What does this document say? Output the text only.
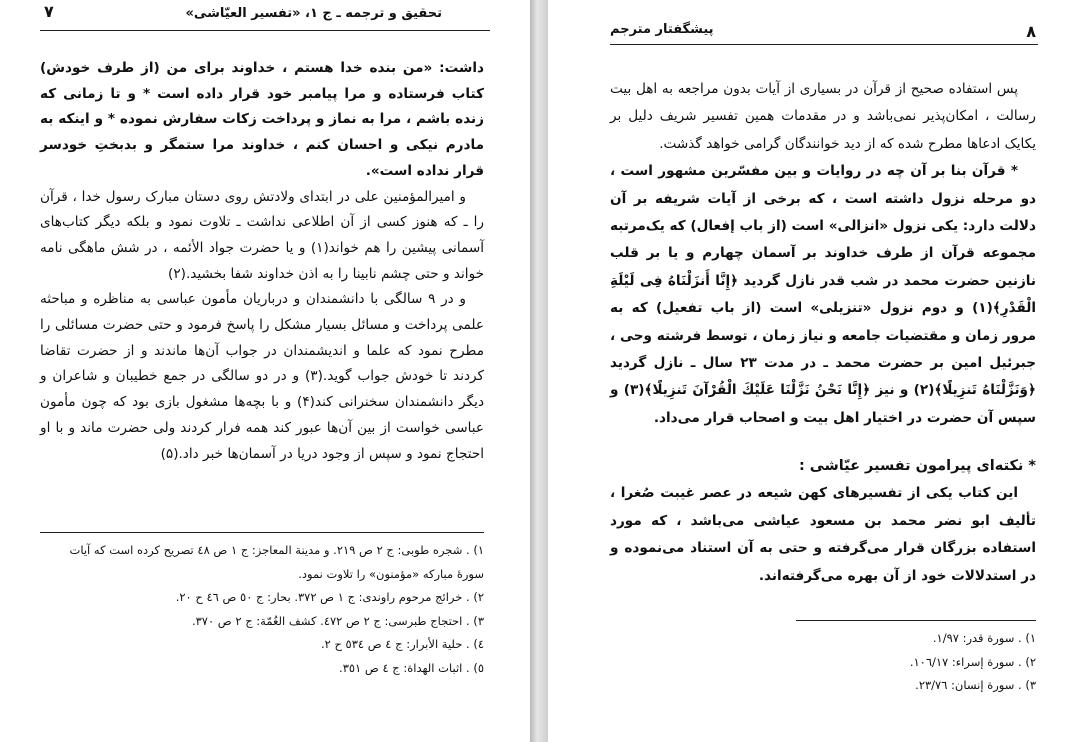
تحقیق و ترجمه ـ ج ۱، «تفسیر العیّاشی»
۷

داشت: «من بنده خدا هستم ، خداوند برای من (از طرف خودش) کتاب فرستاده و مرا پیامبر خود قرار داده است * و تا زمانی که زنده باشم ، مرا به نماز و پرداخت زکات سفارش نموده * و اینکه به مادرم نیکی و احسان کنم ، خداوند مرا ستمگر و بدبختِ خودسر قرار نداده است».

و امیرالمؤمنین علی در ابتدای ولادتش روی دستان مبارک رسول خدا ، قرآن را ـ که هنوز کسی از آن اطلاعی نداشت ـ تلاوت نمود و بلکه دیگر کتاب‌های آسمانی پیشین را هم خواند(۱) و یا حضرت جواد الأئمه ، در شش ماهگی نامه خواند و حتی چشم نابینا را به اذن خداوند شفا بخشید.(۲)

و در ۹ سالگی با دانشمندان و درباریان مأمون عباسی به مناظره و مباحثه علمی پرداخت و مسائل بسیار مشکل را پاسخ فرمود و حتی حضرت مسائلی را مطرح نمود که علما و اندیشمندان در جواب آن‌ها ماندند و از حضرت تقاضا کردند تا خودش جواب گوید.(۳) و در دو سالگی در جمع خطیبان و شاعران و دیگر دانشمندان سخنرانی کند(۴) و با بچه‌ها مشغول بازی بود که چون مأمون عباسی خواست از بین آن‌ها عبور کند همه فرار کردند ولی حضرت ماند و با او احتجاج نمود و سپس از وجود دریا در آسمان‌ها خبر داد.(۵)

۱) . شجره طوبی: ج ۲ ص ۲۱۹. و مدینة المعاجز: ج ۱ ص ٤٨ تصریح کرده است که آیات سورهٔ مبارکه «مؤمنون» را تلاوت نمود.

۲) . خرائج مرحوم راوندی: ج ۱ ص ۳۷۲. بحار: ج ٥٠ ص ٤٦ ح ۲٠.

۳) . احتجاج طبرسی: ج ۲ ص ٤۷۲. کشف الغُمّة: ج ۲ ص ۳۷٠.

٤) . حلیة الأبرار: ج ٤ ص ٥۳٤ ح ۲.

٥) . اثبات الهداة: ج ٤ ص ۳٥۱.

پیشگفتار مترجم	۸

پس استفاده صحیح از قرآن در بسیاری از آیات بدون مراجعه به اهل بیت رسالت ، امکان‌پذیر نمی‌باشد و در مقدمات همین تفسیر شریف دلیل بر یکایک ادعاها مطرح شده که از دید خوانندگان گرامی خواهد گذشت.

* قرآن بنا بر آن چه در روایات و بین مفسّرین مشهور است ، دو مرحله نزول داشته است ، که برخی از آیات شریفه بر آن دلالت دارد: یکی نزول «انزالی» است (از باب إفعال) که یک‌مرتبه مجموعه قرآن از طرف خداوند بر آسمان چهارم و یا بر قلب نازنین حضرت محمد در شب قدر نازل گردید ﴿إِنَّا أَنزَلْنَاهُ فِی لَیْلَةِ الْقَدْرِ﴾(۱) و دوم نزول «تنزیلی» است (از باب تفعیل) که به مرور زمان و مقتضیات جامعه و نیاز زمان ، توسط فرشته وحی ، جبرئیل امین بر حضرت محمد ـ در مدت ۲۳ سال ـ نازل گردید ﴿وَنَزَّلْنَاهُ تَنزِیلًا﴾(۲) و نیز ﴿إِنَّا نَحْنُ نَزَّلْنَا عَلَیْكَ الْقُرْآنَ تَنزِیلًا﴾(۳) و سپس آن حضرت در اختیار اهل بیت و اصحاب قرار می‌داد.

* نکته‌ای پیرامون تفسیر عیّاشی :

این کتاب یکی از تفسیرهای کهن شیعه در عصر غیبت صُغرا ، تألیف ابو نضر محمد بن مسعود عیاشی می‌باشد ، که مورد استفاده بزرگان قرار می‌گرفته و حتی به آن استناد می‌نموده و در استدلالات خود از آن بهره می‌گرفته‌اند.

۱) . سورة قدر: ۱/۹۷.

۲) . سورة إسراء: ۱٠٦/۱۷.

۳) . سورة إنسان: ۲۳/۷٦.
